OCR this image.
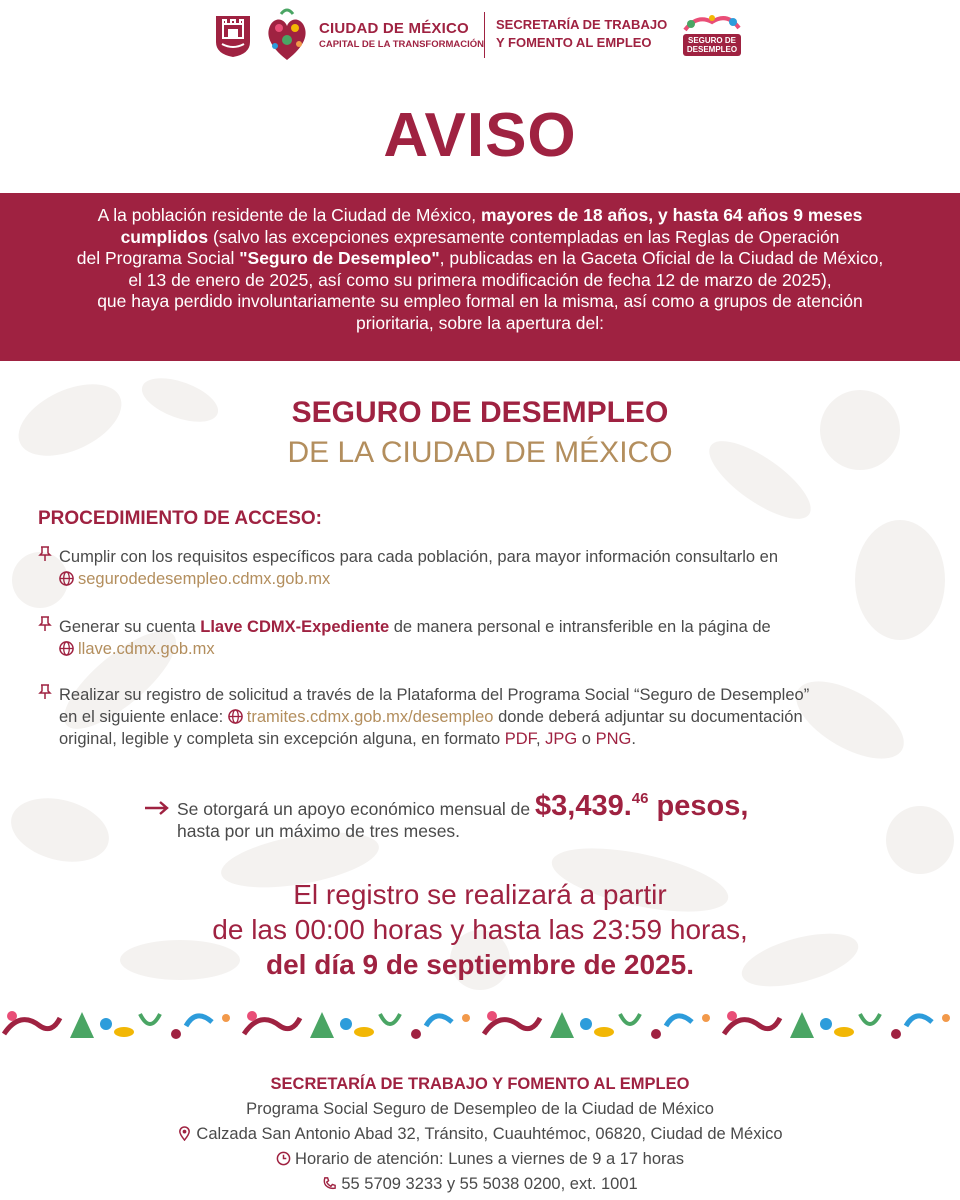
CIUDAD DE MÉXICO
CAPITAL DE LA TRANSFORMACIÓN
SECRETARÍA DE TRABAJO
Y FOMENTO AL EMPLEO	SEGURO DE
DESEMPLEO
AVISO

A la población residente de la Ciudad de México, mayores de 18 años, y hasta 64 años 9 meses
cumplidos (salvo las excepciones expresamente contempladas en las Reglas de Operación
del Programa Social "Seguro de Desempleo", publicadas en la Gaceta Oficial de la Ciudad de México,
el 13 de enero de 2025, así como su primera modificación de fecha 12 de marzo de 2025),
que haya perdido involuntariamente su empleo formal en la misma, así como a grupos de atención
prioritaria, sobre la apertura del:

SEGURO DE DESEMPLEO
DE LA CIUDAD DE MÉXICO
PROCEDIMIENTO DE ACCESO:
Cumplir con los requisitos específicos para cada población, para mayor información consultarlo en
segurodedesempleo.cdmx.gob.mx
Generar su cuenta Llave CDMX-Expediente de manera personal e intransferible en la página de
llave.cdmx.gob.mx
Realizar su registro de solicitud a través de la Plataforma del Programa Social “Seguro de Desempleo”
en el siguiente enlace: tramites.cdmx.gob.mx/desempleo donde deberá adjuntar su documentación
original, legible y completa sin excepción alguna, en formato PDF, JPG o PNG.
Se otorgará un apoyo económico mensual de $3,439.46 pesos,
hasta por un máximo de tres meses.
El registro se realizará a partir
de las 00:00 horas y hasta las 23:59 horas,
del día 9 de septiembre de 2025.
SECRETARÍA DE TRABAJO Y FOMENTO AL EMPLEO
Programa Social Seguro de Desempleo de la Ciudad de México
Calzada San Antonio Abad 32, Tránsito, Cuauhtémoc, 06820, Ciudad de México
Horario de atención: Lunes a viernes de 9 a 17 horas
55 5709 3233 y 55 5038 0200, ext. 1001
